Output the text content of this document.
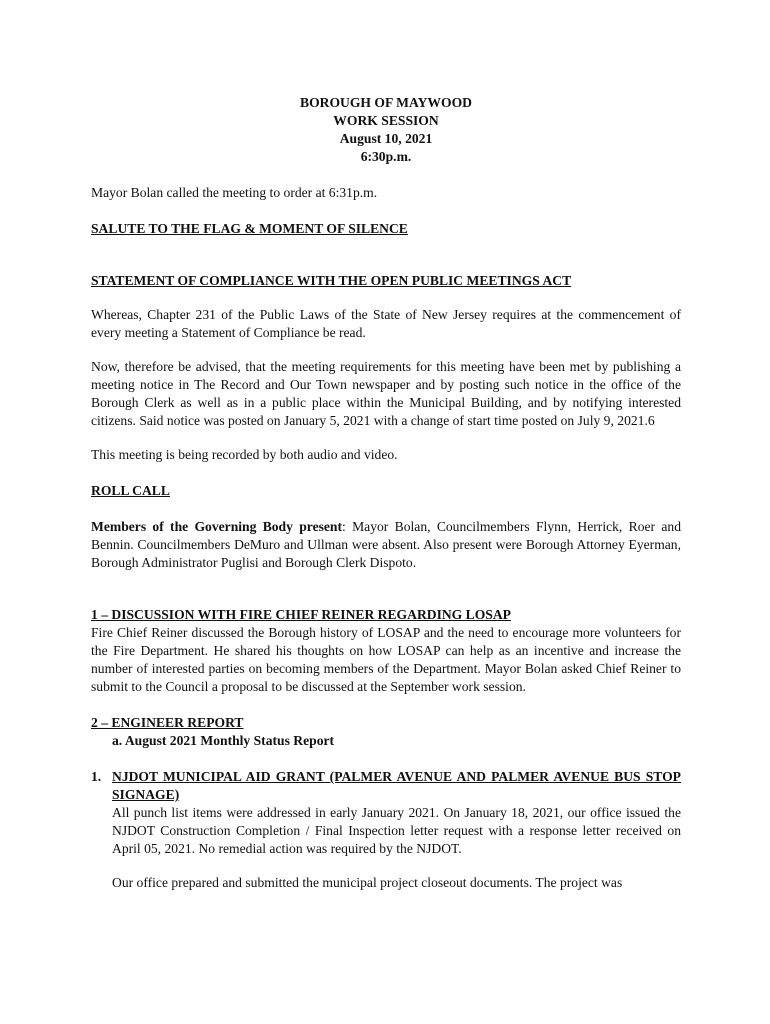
BOROUGH OF MAYWOOD
WORK SESSION
August 10, 2021
6:30p.m.

Mayor Bolan called the meeting to order at 6:31p.m.

SALUTE TO THE FLAG & MOMENT OF SILENCE

STATEMENT OF COMPLIANCE WITH THE OPEN PUBLIC MEETINGS ACT

Whereas, Chapter 231 of the Public Laws of the State of New Jersey requires at the commencement of every meeting a Statement of Compliance be read.

Now, therefore be advised, that the meeting requirements for this meeting have been met by publishing a meeting notice in The Record and Our Town newspaper and by posting such notice in the office of the Borough Clerk as well as in a public place within the Municipal Building, and by notifying interested citizens. Said notice was posted on January 5, 2021 with a change of start time posted on July 9, 2021.6

This meeting is being recorded by both audio and video.

ROLL CALL

Members of the Governing Body present: Mayor Bolan, Councilmembers Flynn, Herrick, Roer and Bennin. Councilmembers DeMuro and Ullman were absent. Also present were Borough Attorney Eyerman, Borough Administrator Puglisi and Borough Clerk Dispoto.

1 – DISCUSSION WITH FIRE CHIEF REINER REGARDING LOSAP

Fire Chief Reiner discussed the Borough history of LOSAP and the need to encourage more volunteers for the Fire Department. He shared his thoughts on how LOSAP can help as an incentive and increase the number of interested parties on becoming members of the Department. Mayor Bolan asked Chief Reiner to submit to the Council a proposal to be discussed at the September work session.

2 – ENGINEER REPORT

a. August 2021 Monthly Status Report
1. NJDOT MUNICIPAL AID GRANT (PALMER AVENUE AND PALMER AVENUE BUS STOP SIGNAGE)

All punch list items were addressed in early January 2021. On January 18, 2021, our office issued the NJDOT Construction Completion / Final Inspection letter request with a response letter received on April 05, 2021. No remedial action was required by the NJDOT.

Our office prepared and submitted the municipal project closeout documents. The project was
